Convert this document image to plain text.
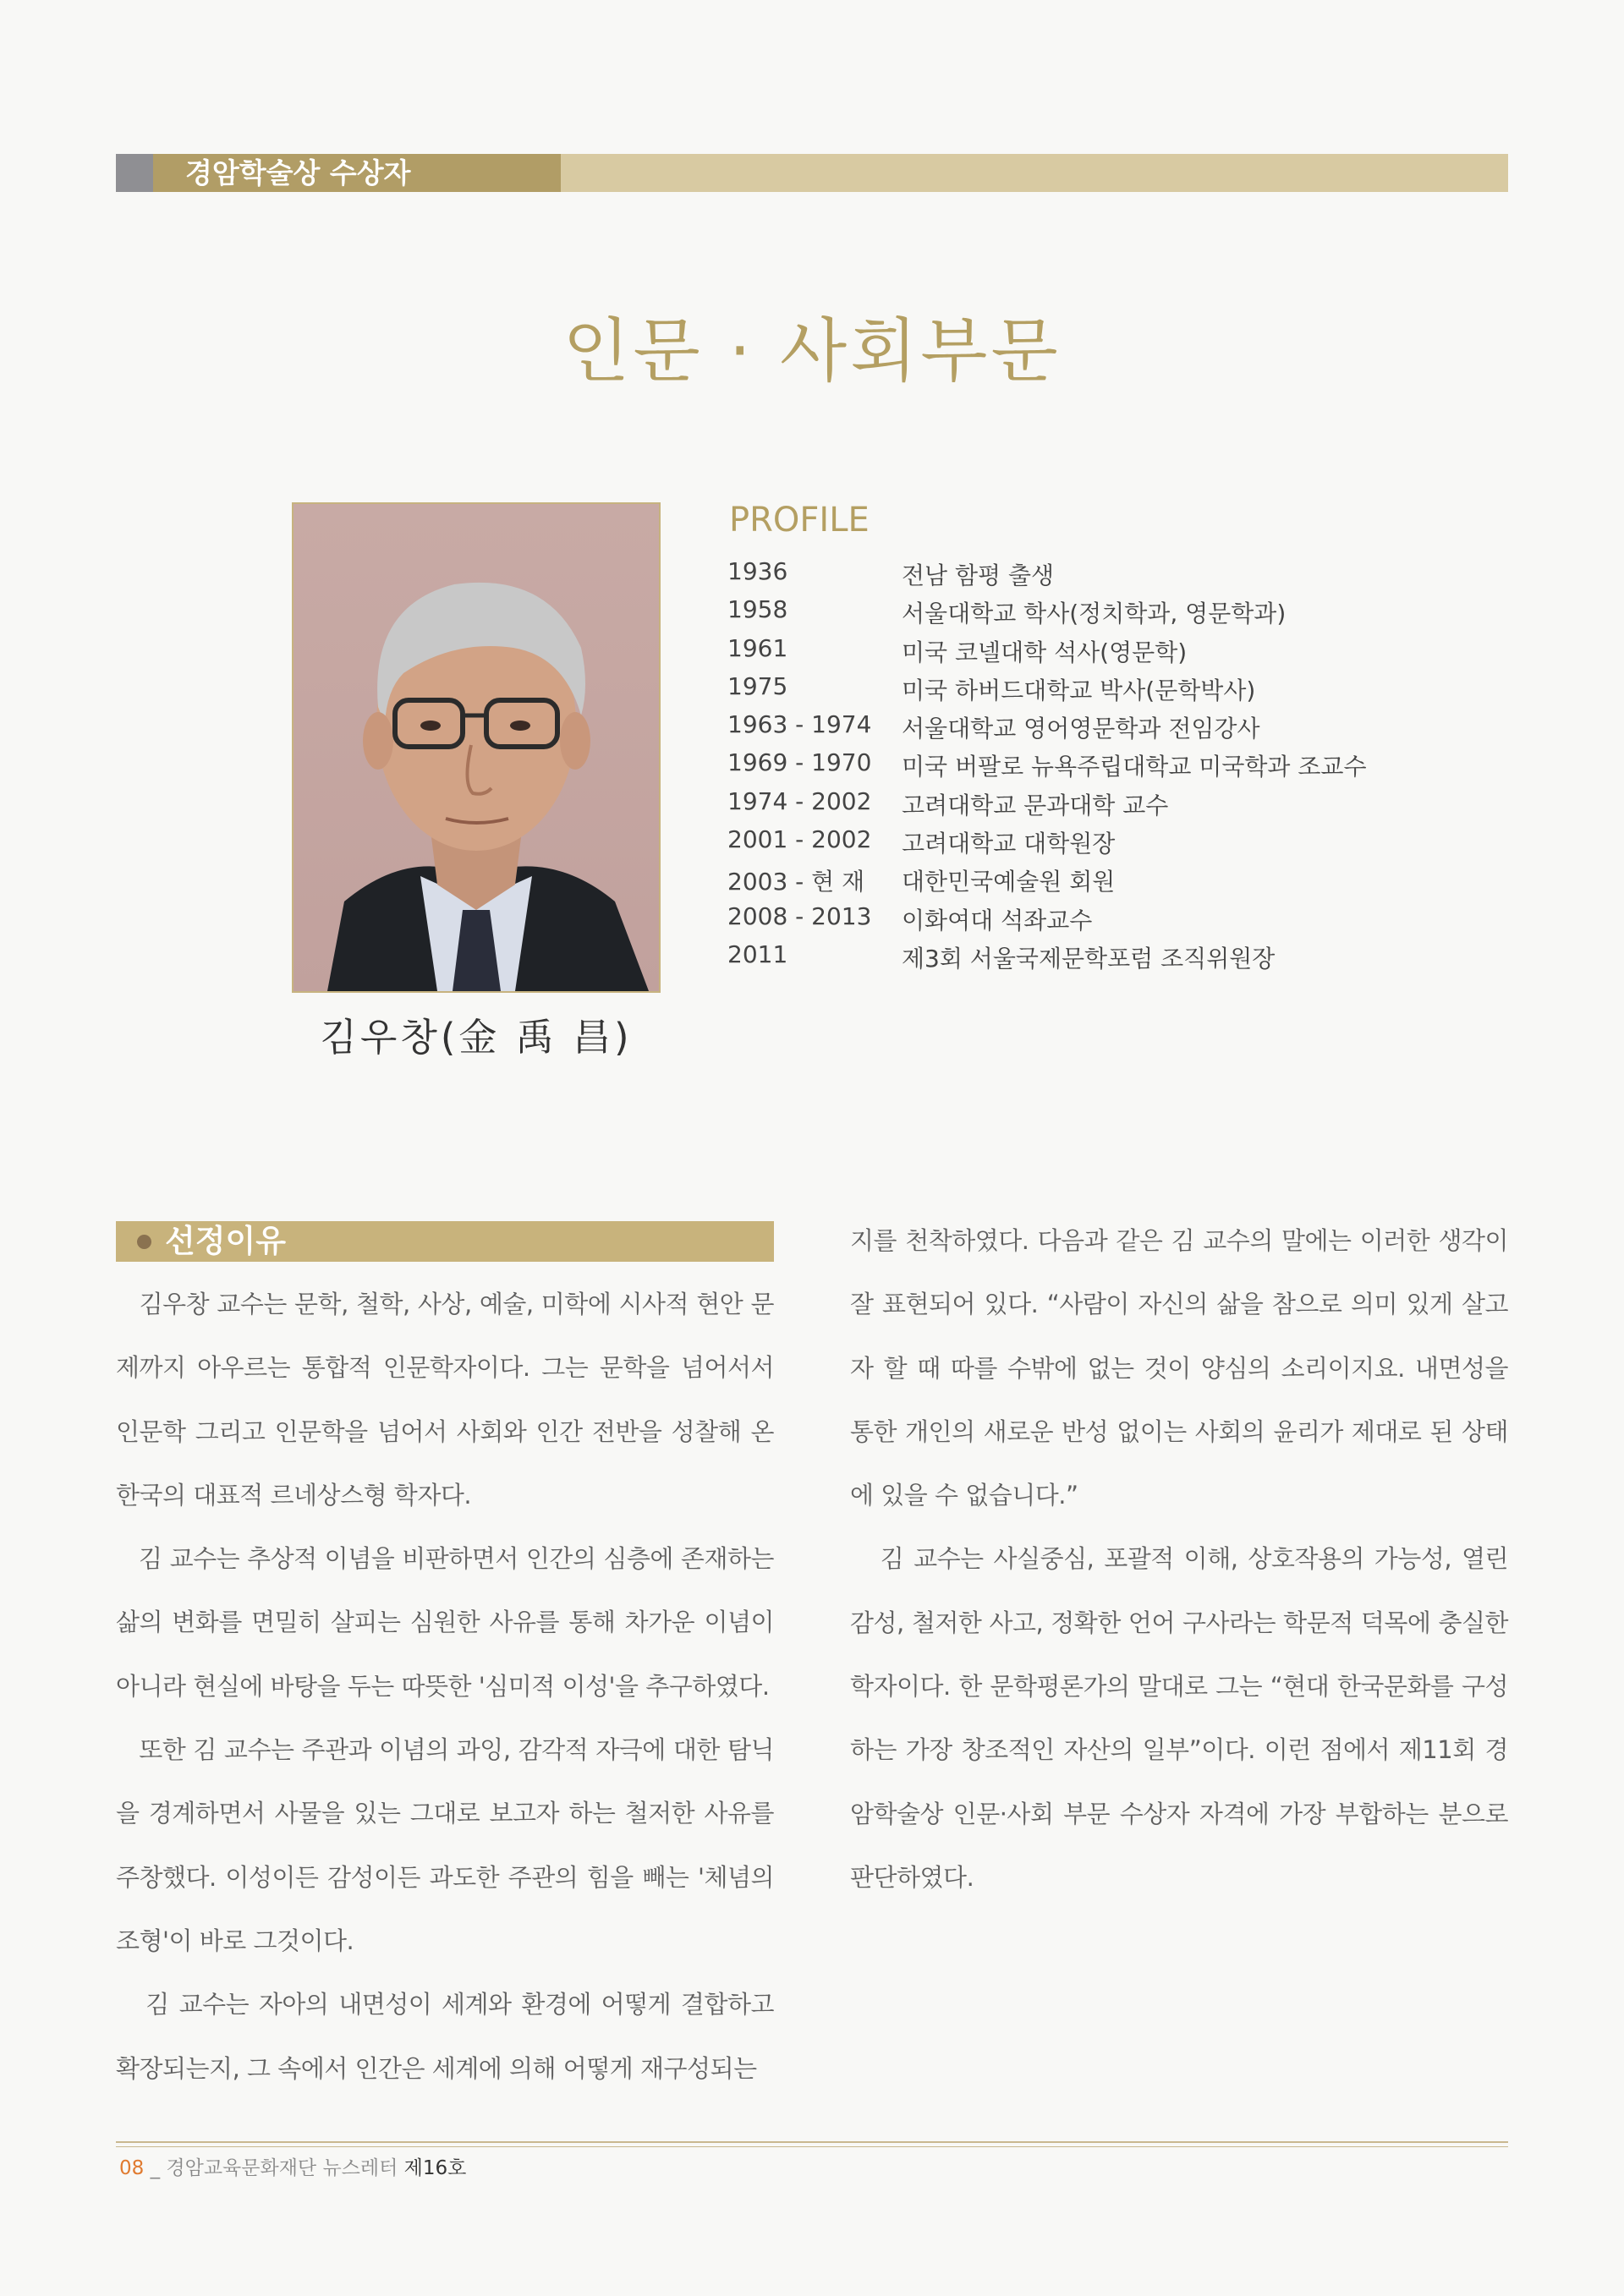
경암학술상 수상자
인문 · 사회부문
김우창(金 禹 昌)
PROFILE
1936	전남 함평 출생
1958	서울대학교 학사(정치학과, 영문학과)
1961	미국 코넬대학 석사(영문학)
1975	미국 하버드대학교 박사(문학박사)
1963 - 1974	서울대학교 영어영문학과 전임강사
1969 - 1970	미국 버팔로 뉴욕주립대학교 미국학과 조교수
1974 - 2002	고려대학교 문과대학 교수
2001 - 2002	고려대학교 대학원장
2003 - 현 재	대한민국예술원 회원
2008 - 2013	이화여대 석좌교수
2011	제3회 서울국제문학포럼 조직위원장
선정이유

김우창 교수는 문학, 철학, 사상, 예술, 미학에 시사적 현안 문제까지 아우르는 통합적 인문학자이다. 그는 문학을 넘어서서 인문학 그리고 인문학을 넘어서 사회와 인간 전반을 성찰해 온 한국의 대표적 르네상스형 학자다.

김 교수는 추상적 이념을 비판하면서 인간의 심층에 존재하는 삶의 변화를 면밀히 살피는 심원한 사유를 통해 차가운 이념이 아니라 현실에 바탕을 두는 따뜻한 '심미적 이성'을 추구하였다.

또한 김 교수는 주관과 이념의 과잉, 감각적 자극에 대한 탐닉을 경계하면서 사물을 있는 그대로 보고자 하는 철저한 사유를 주창했다. 이성이든 감성이든 과도한 주관의 힘을 빼는 '체념의 조형'이 바로 그것이다.

김 교수는 자아의 내면성이 세계와 환경에 어떻게 결합하고 확장되는지, 그 속에서 인간은 세계에 의해 어떻게 재구성되는

지를 천착하였다. 다음과 같은 김 교수의 말에는 이러한 생각이 잘 표현되어 있다. “사람이 자신의 삶을 참으로 의미 있게 살고자 할 때 따를 수밖에 없는 것이 양심의 소리이지요. 내면성을 통한 개인의 새로운 반성 없이는 사회의 윤리가 제대로 된 상태에 있을 수 없습니다.”

김 교수는 사실중심, 포괄적 이해, 상호작용의 가능성, 열린 감성, 철저한 사고, 정확한 언어 구사라는 학문적 덕목에 충실한 학자이다. 한 문학평론가의 말대로 그는 “현대 한국문화를 구성하는 가장 창조적인 자산의 일부”이다. 이런 점에서 제11회 경암학술상 인문·사회 부문 수상자 자격에 가장 부합하는 분으로 판단하였다.

08 _ 경암교육문화재단 뉴스레터 제16호
